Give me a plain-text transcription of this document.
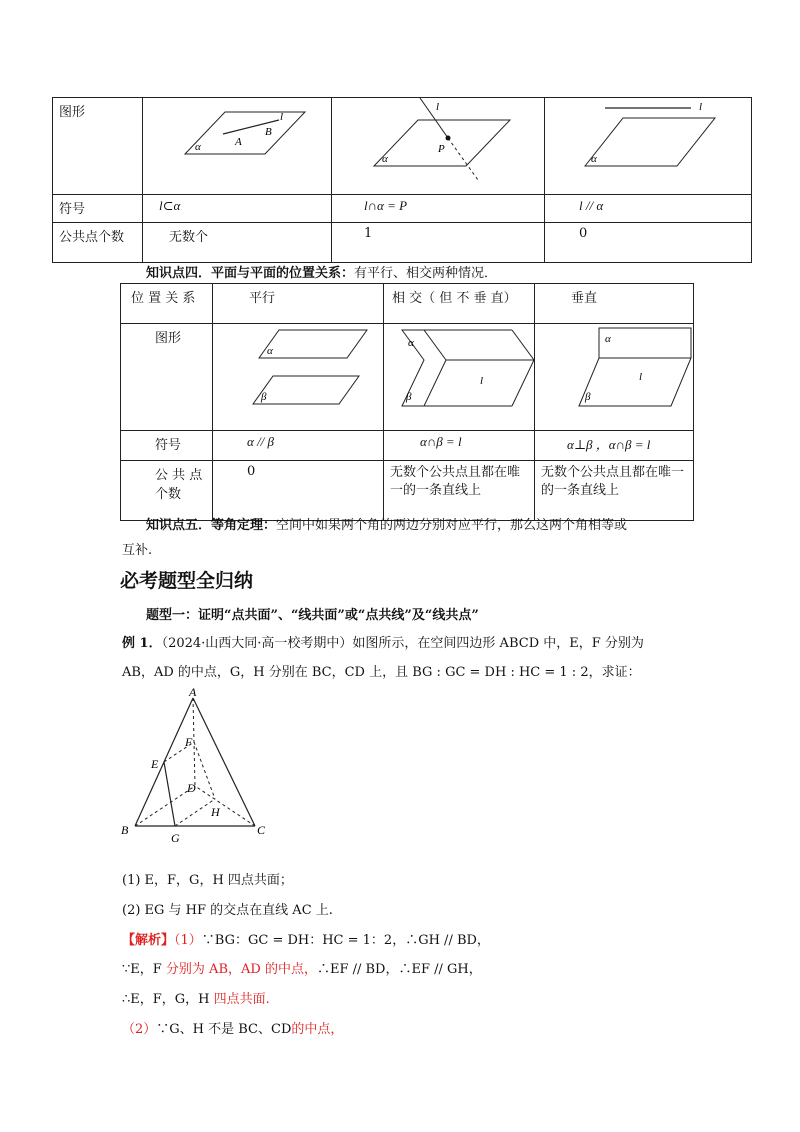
图形	α A
B
l	α
P
l	α
l

符号	l⊂α	l∩α = P	l // α

公共点个数	无数个	1	0
知识点四．平面与平面的位置关系：有平行、相交两种情况．
位 置 关 系	平行	相 交（ 但 不 垂 直）	垂直

图形	α
β	α
β
l	α
β
l

符号	α // β	α∩β = l	α⊥β ，α∩β = l

公 共 点 个数	0	无数个公共点且都在唯一的一条直线上	无数个公共点且都在唯一的一条直线上
知识点五．等角定理：空间中如果两个角的两边分别对应平行，那么这两个角相等或
互补.
必考题型全归纳
题型一：证明“点共面”、“线共面”或“点共线”及“线共点”
例 1．（2024·山西大同·高一校考期中）如图所示，在空间四边形 ABCD 中，E，F 分别为
AB，AD 的中点，G，H 分别在 BC，CD 上，且 BG : GC = DH : HC = 1 : 2，求证：
A
B	C
D
E
F
G
H
(1) E，F，G，H 四点共面；
(2) EG 与 HF 的交点在直线 AC 上.
【解析】（1）∵BG：GC = DH：HC = 1：2，∴GH // BD，
∵E，F 分别为 AB，AD 的中点，∴EF // BD，∴EF // GH，
∴E，F，G，H 四点共面.
（2）∵G、H 不是 BC、CD的中点，
